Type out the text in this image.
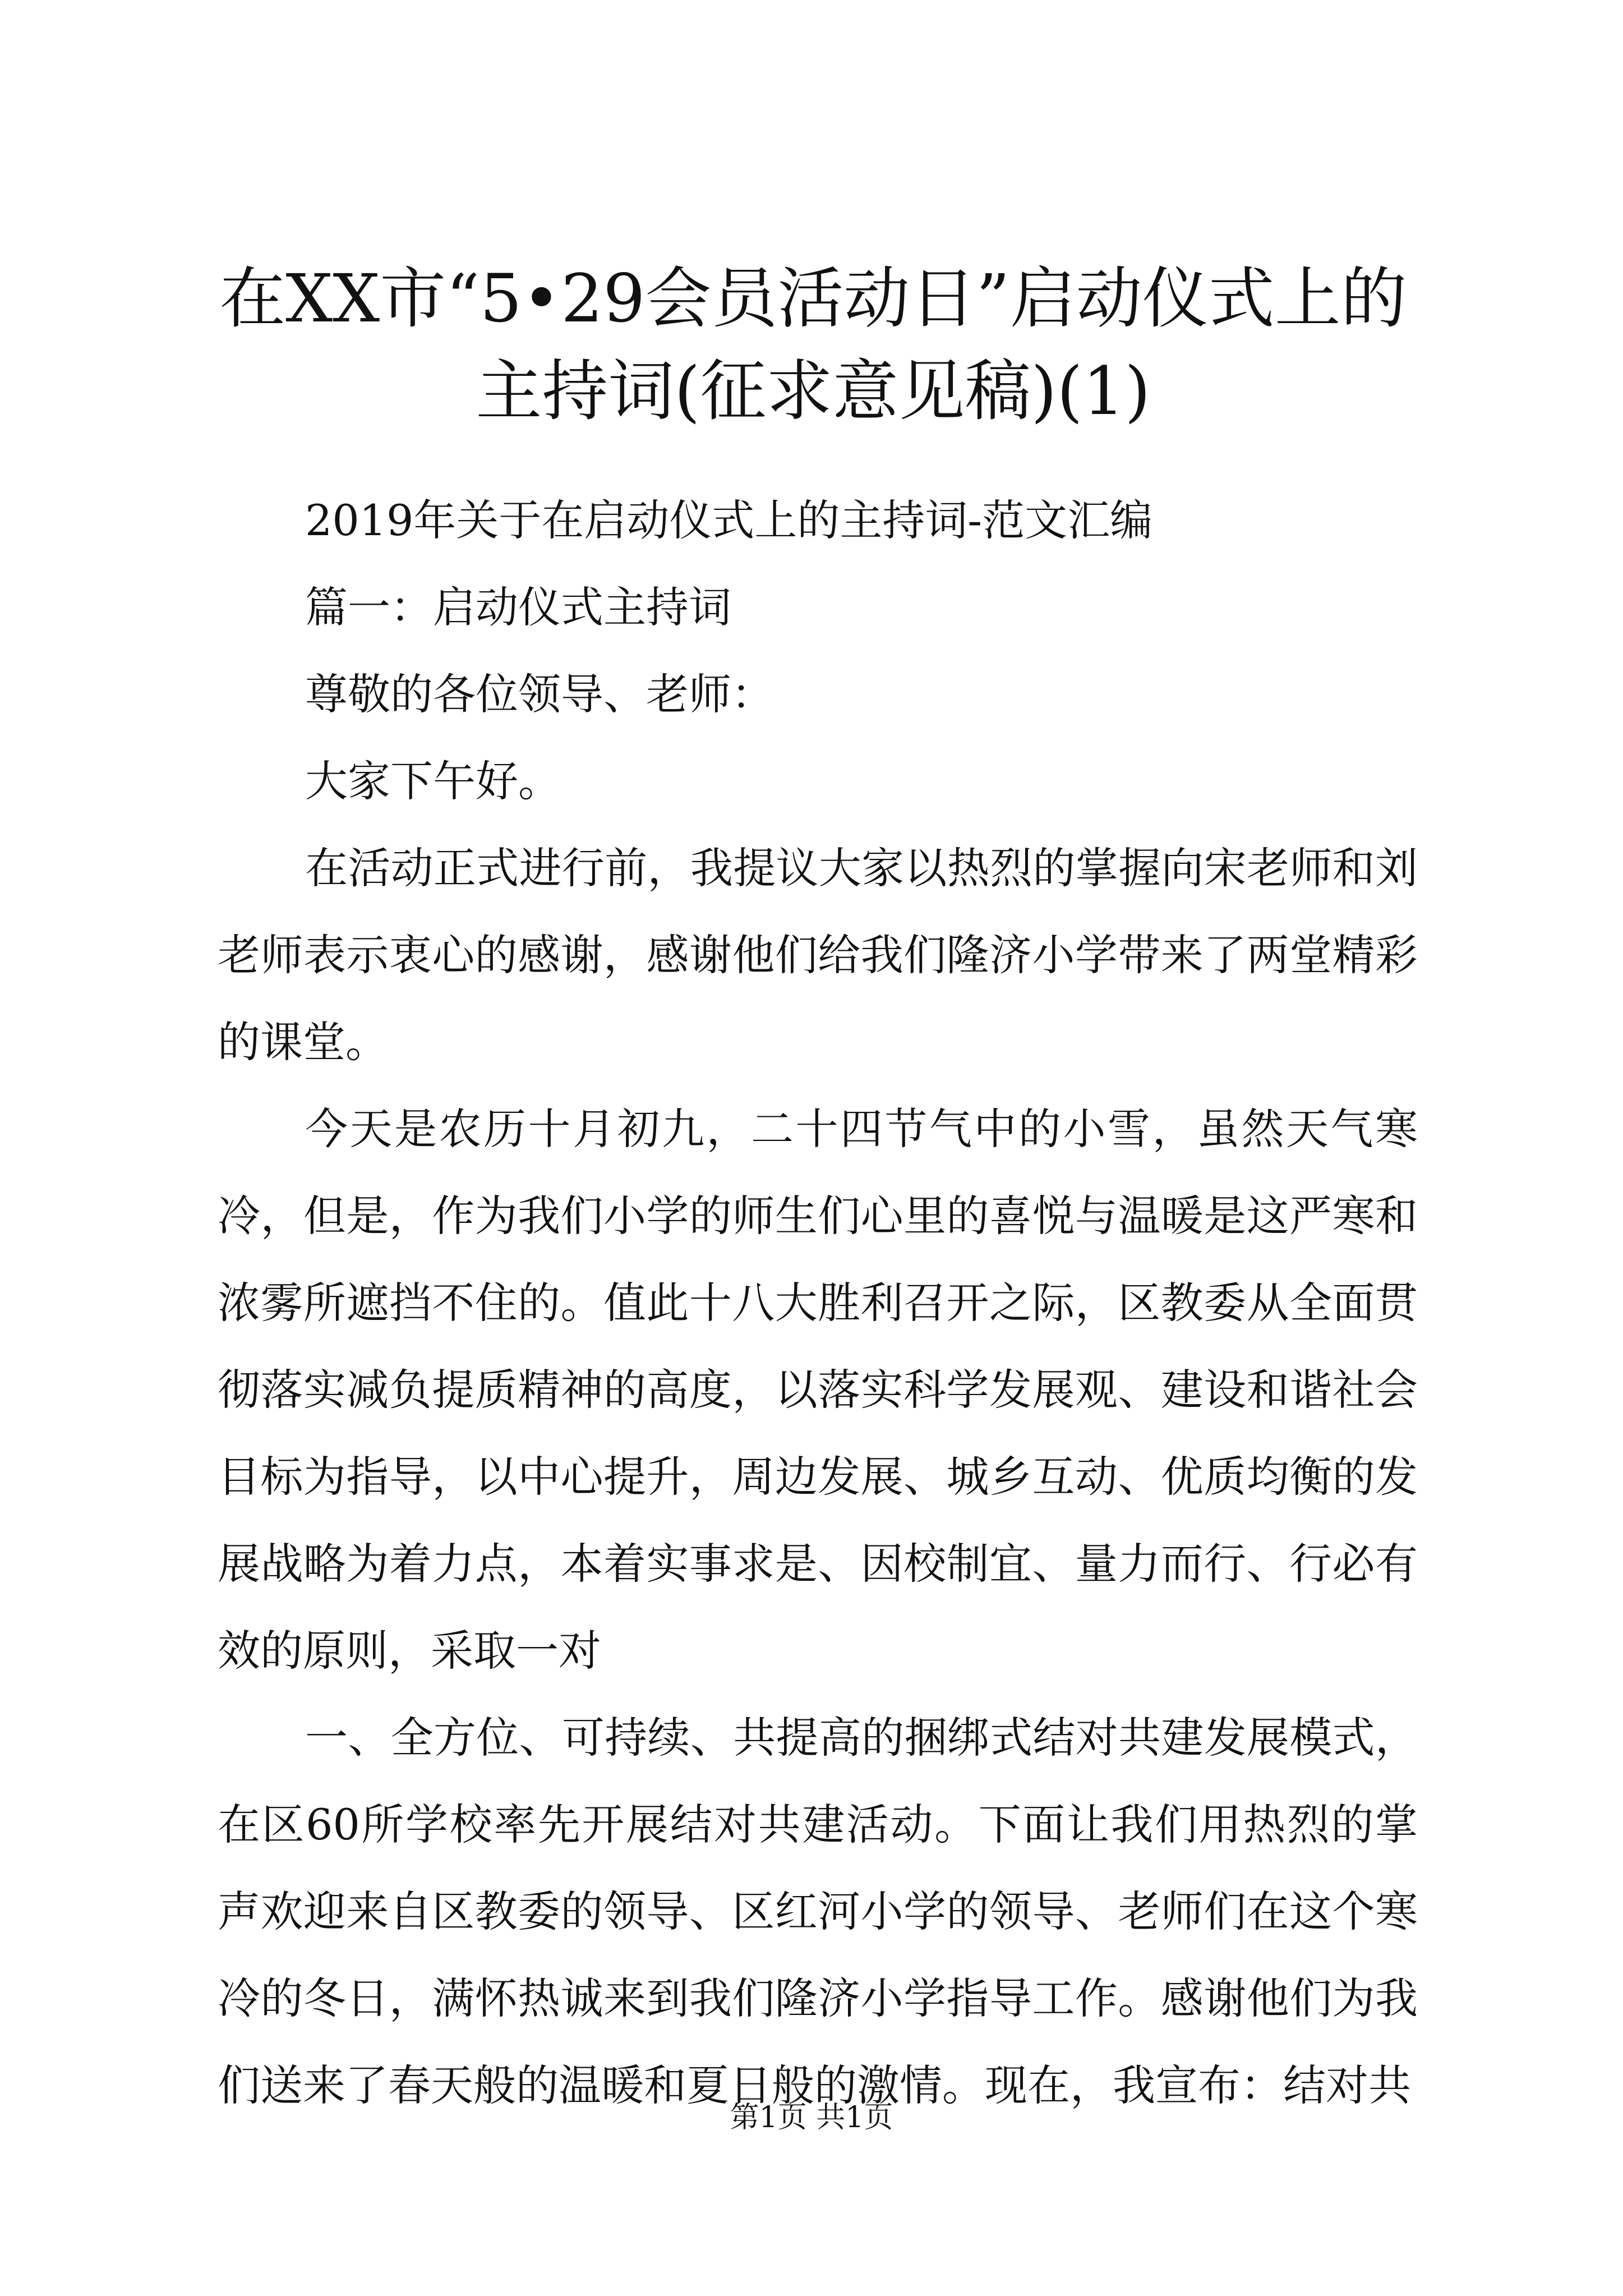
在XX市“5•29会员活动日”启动仪式上的
主持词(征求意见稿)(1)

2019年关于在启动仪式上的主持词-范文汇编

篇一：启动仪式主持词

尊敬的各位领导、老师：

大家下午好。

在活动正式进行前，我提议大家以热烈的掌握向宋老师和刘老师表示衷心的感谢，感谢他们给我们隆济小学带来了两堂精彩的课堂。

今天是农历十月初九，二十四节气中的小雪，虽然天气寒冷，但是，作为我们小学的师生们心里的喜悦与温暖是这严寒和浓雾所遮挡不住的。值此十八大胜利召开之际，区教委从全面贯彻落实减负提质精神的高度，以落实科学发展观、建设和谐社会目标为指导，以中心提升，周边发展、城乡互动、优质均衡的发展战略为着力点，本着实事求是、因校制宜、量力而行、行必有效的原则，采取一对

一、全方位、可持续、共提高的捆绑式结对共建发展模式，在区60所学校率先开展结对共建活动。下面让我们用热烈的掌声欢迎来自区教委的领导、区红河小学的领导、老师们在这个寒冷的冬日，满怀热诚来到我们隆济小学指导工作。感谢他们为我们送来了春天般的温暖和夏日般的激情。现在，我宣布：结对共

第1页 共1页
